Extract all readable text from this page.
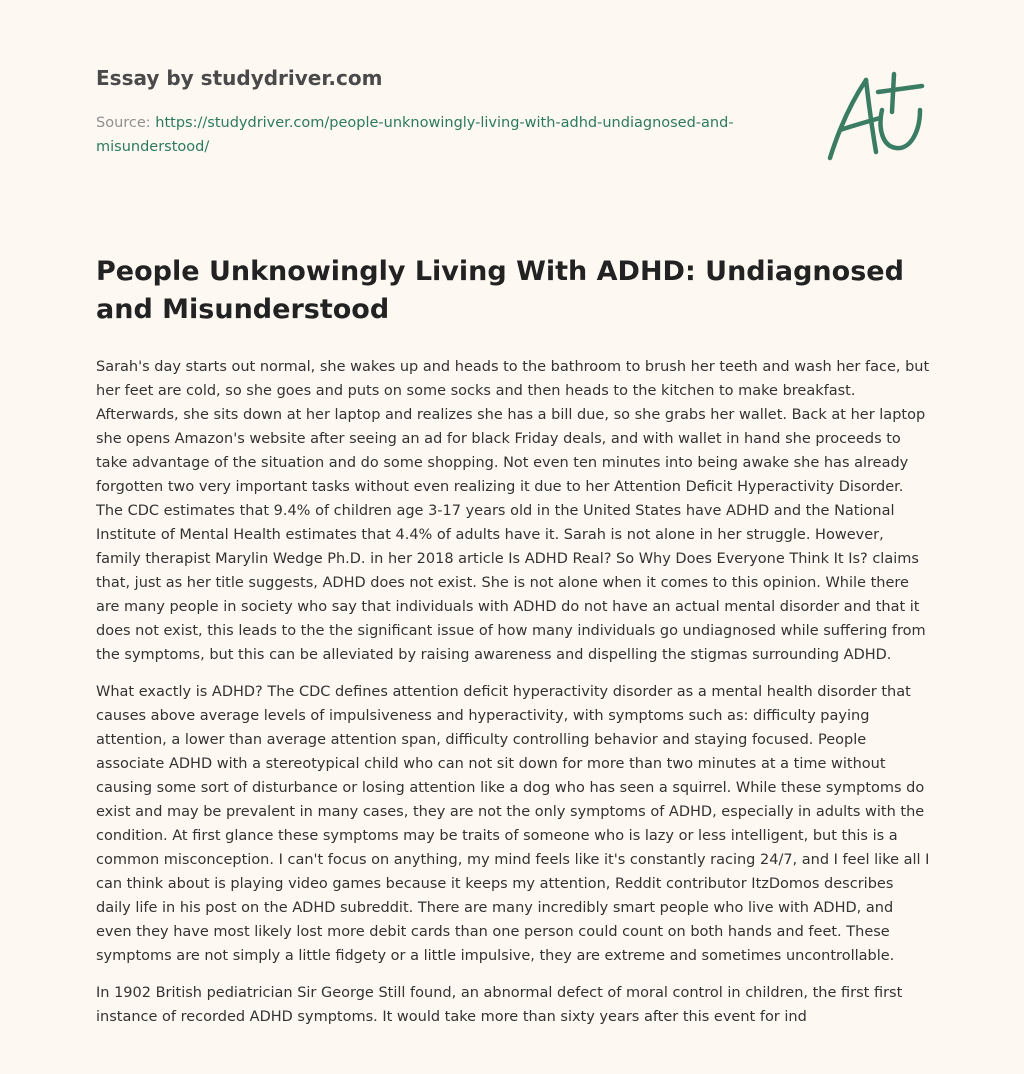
Essay by studydriver.com
Source: https://studydriver.com/people-unknowingly-living-with-adhd-undiagnosed-and-misunderstood/
People Unknowingly Living With ADHD: Undiagnosed and Misunderstood

Sarah's day starts out normal, she wakes up and heads to the bathroom to brush her teeth and wash her face, but her feet are cold, so she goes and puts on some socks and then heads to the kitchen to make breakfast. Afterwards, she sits down at her laptop and realizes she has a bill due, so she grabs her wallet. Back at her laptop she opens Amazon's website after seeing an ad for black Friday deals, and with wallet in hand she proceeds to take advantage of the situation and do some shopping. Not even ten minutes into being awake she has already forgotten two very important tasks without even realizing it due to her Attention Deficit Hyperactivity Disorder. The CDC estimates that 9.4% of children age 3-17 years old in the United States have ADHD and the National Institute of Mental Health estimates that 4.4% of adults have it. Sarah is not alone in her struggle. However, family therapist Marylin Wedge Ph.D. in her 2018 article Is ADHD Real? So Why Does Everyone Think It Is? claims that, just as her title suggests, ADHD does not exist. She is not alone when it comes to this opinion. While there are many people in society who say that individuals with ADHD do not have an actual mental disorder and that it does not exist, this leads to the the significant issue of how many individuals go undiagnosed while suffering from the symptoms, but this can be alleviated by raising awareness and dispelling the stigmas surrounding ADHD.

What exactly is ADHD? The CDC defines attention deficit hyperactivity disorder as a mental health disorder that causes above average levels of impulsiveness and hyperactivity, with symptoms such as: difficulty paying attention, a lower than average attention span, difficulty controlling behavior and staying focused. People associate ADHD with a stereotypical child who can not sit down for more than two minutes at a time without causing some sort of disturbance or losing attention like a dog who has seen a squirrel. While these symptoms do exist and may be prevalent in many cases, they are not the only symptoms of ADHD, especially in adults with the condition. At first glance these symptoms may be traits of someone who is lazy or less intelligent, but this is a common misconception. I can't focus on anything, my mind feels like it's constantly racing 24/7, and I feel like all I can think about is playing video games because it keeps my attention, Reddit contributor ItzDomos describes daily life in his post on the ADHD subreddit. There are many incredibly smart people who live with ADHD, and even they have most likely lost more debit cards than one person could count on both hands and feet. These symptoms are not simply a little fidgety or a little impulsive, they are extreme and sometimes uncontrollable.

In 1902 British pediatrician Sir George Still found, an abnormal defect of moral control in children, the first first instance of recorded ADHD symptoms. It would take more than sixty years after this event for ind
